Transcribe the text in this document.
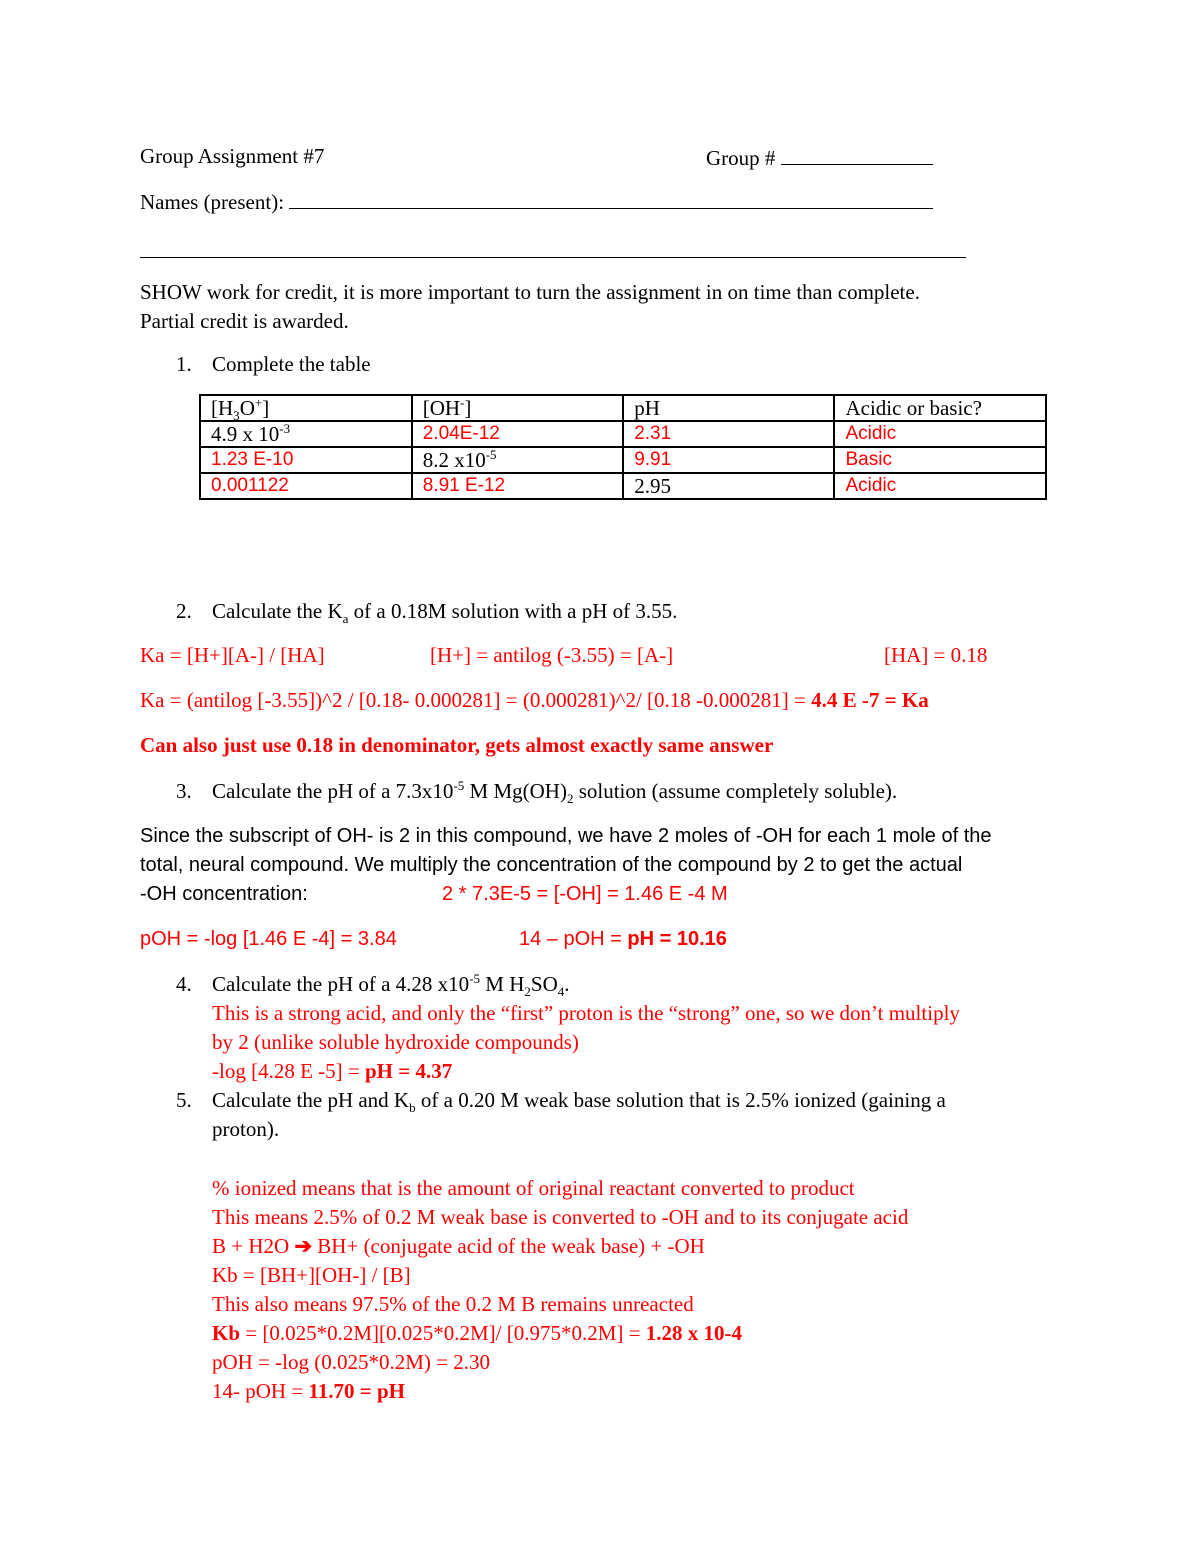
Group Assignment #7	Group #
Names (present):
SHOW work for credit, it is more important to turn the assignment in on time than complete.
Partial credit is awarded.
1. Complete the table
$[H_3O^+]$	[OH-]	pH	Acidic or basic?
4.9 x $10^{-3}$	2.04E-12	2.31	Acidic
1.23 E-10	8.2 $x10^{-5}$	9.91	Basic
0.001122	8.91 E-12	2.95	Acidic
2. Calculate the $K_a$ of a 0.18M solution with a pH of 3.55.
Ka = [H+][A-] / [HA]	[H+] = antilog (-3.55) = [A-]	[HA] = 0.18
Ka = (antilog [-3.55])^2 / [0.18- 0.000281] = (0.000281)^2/ [0.18 -0.000281] = 4.4 E -7 = Ka
Can also just use 0.18 in denominator, gets almost exactly same answer
3. Calculate the pH of a $7.3x10^{-5}$ M $Mg(OH)_2$ solution (assume completely soluble).
Since the subscript of OH- is 2 in this compound, we have 2 moles of -OH for each 1 mole of the
total, neural compound. We multiply the concentration of the compound by 2 to get the actual
-OH concentration:	2 * 7.3E-5 = [-OH] = 1.46 E -4 M
pOH = -log [1.46 E -4] = 3.84	14 – pOH = pH = 10.16
4. Calculate the pH of a 4.28 $x10^{-5}$ M $H_2SO_4$.
This is a strong acid, and only the “first” proton is the “strong” one, so we don’t multiply
by 2 (unlike soluble hydroxide compounds)
-log [4.28 E -5] = pH = 4.37
5. Calculate the pH and $K_b$ of a 0.20 M weak base solution that is 2.5% ionized (gaining a
proton).
% ionized means that is the amount of original reactant converted to product
This means 2.5% of 0.2 M weak base is converted to -OH and to its conjugate acid
B + H2O ➔ BH+ (conjugate acid of the weak base) + -OH
Kb = [BH+][OH-] / [B]
This also means 97.5% of the 0.2 M B remains unreacted
Kb = [0.025*0.2M][0.025*0.2M]/ [0.975*0.2M] = 1.28 x 10-4
pOH = -log (0.025*0.2M) = 2.30
14- pOH = 11.70 = pH
